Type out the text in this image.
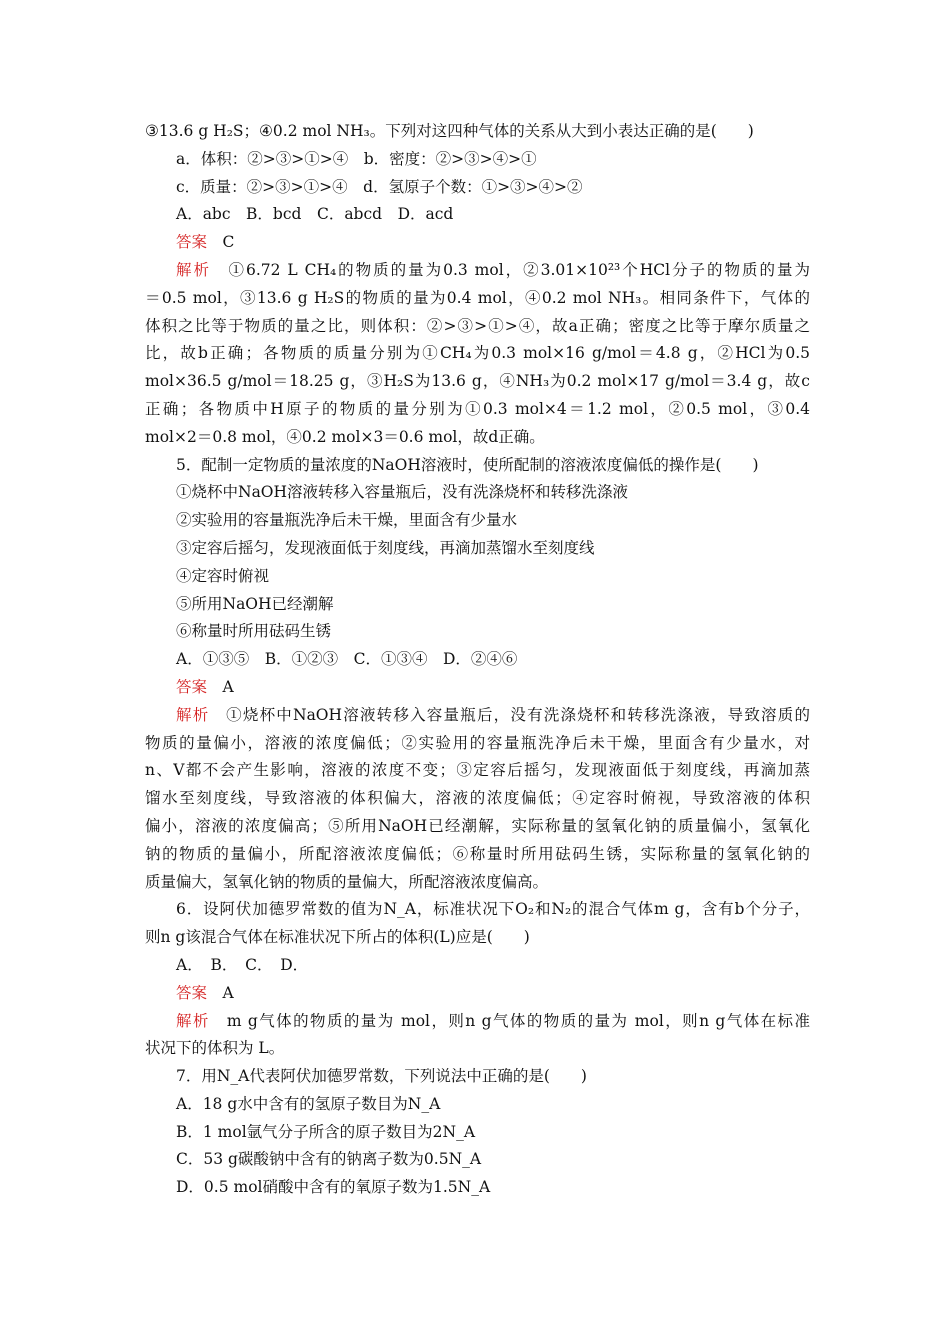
③13.6 g H₂S；④0.2 mol NH₃。下列对这四种气体的关系从大到小表达正确的是(　　)
a．体积：②>③>①>④　b．密度：②>③>④>①
c．质量：②>③>①>④　d．氢原子个数：①>③>④>②
A．abc　B．bcd　C．abcd　D．acd
答案　 C
解析　 ①6.72 L CH₄的物质的量为0.3 mol，②3.01×10²³个HCl分子的物质的量为
＝0.5 mol，③13.6 g H₂S的物质的量为0.4 mol，④0.2 mol NH₃。相同条件下，气体的
体积之比等于物质的量之比，则体积：②>③>①>④，故a正确；密度之比等于摩尔质量之
比，故b正确；各物质的质量分别为①CH₄为0.3 mol×16 g/mol＝4.8 g，②HCl为0.5
mol×36.5 g/mol＝18.25 g，③H₂S为13.6 g，④NH₃为0.2 mol×17 g/mol＝3.4 g，故c
正确；各物质中H原子的物质的量分别为①0.3 mol×4＝1.2 mol，②0.5 mol，③0.4
mol×2＝0.8 mol，④0.2 mol×3＝0.6 mol，故d正确。
5．配制一定物质的量浓度的NaOH溶液时，使所配制的溶液浓度偏低的操作是(　　)
①烧杯中NaOH溶液转移入容量瓶后，没有洗涤烧杯和转移洗涤液
②实验用的容量瓶洗净后未干燥，里面含有少量水
③定容后摇匀，发现液面低于刻度线，再滴加蒸馏水至刻度线
④定容时俯视
⑤所用NaOH已经潮解
⑥称量时所用砝码生锈
A．①③⑤　B．①②③　C．①③④　D．②④⑥
答案　 A
解析　 ①烧杯中NaOH溶液转移入容量瓶后，没有洗涤烧杯和转移洗涤液，导致溶质的
物质的量偏小，溶液的浓度偏低；②实验用的容量瓶洗净后未干燥，里面含有少量水，对
n、V都不会产生影响，溶液的浓度不变；③定容后摇匀，发现液面低于刻度线，再滴加蒸
馏水至刻度线，导致溶液的体积偏大，溶液的浓度偏低；④定容时俯视，导致溶液的体积
偏小，溶液的浓度偏高；⑤所用NaOH已经潮解，实际称量的氢氧化钠的质量偏小，氢氧化
钠的物质的量偏小，所配溶液浓度偏低；⑥称量时所用砝码生锈，实际称量的氢氧化钠的
质量偏大，氢氧化钠的物质的量偏大，所配溶液浓度偏高。
6．设阿伏加德罗常数的值为N_A，标准状况下O₂和N₂的混合气体m g，含有b个分子，
则n g该混合气体在标准状况下所占的体积(L)应是(　　)
A．　B．　C．　D．
答案　 A
解析　 m g气体的物质的量为 mol，则n g气体的物质的量为 mol，则n g气体在标准
状况下的体积为 L。
7．用N_A代表阿伏加德罗常数，下列说法中正确的是(　　)
A．18 g水中含有的氢原子数目为N_A
B．1 mol氩气分子所含的原子数目为2N_A
C．53 g碳酸钠中含有的钠离子数为0.5N_A
D．0.5 mol硝酸中含有的氧原子数为1.5N_A
